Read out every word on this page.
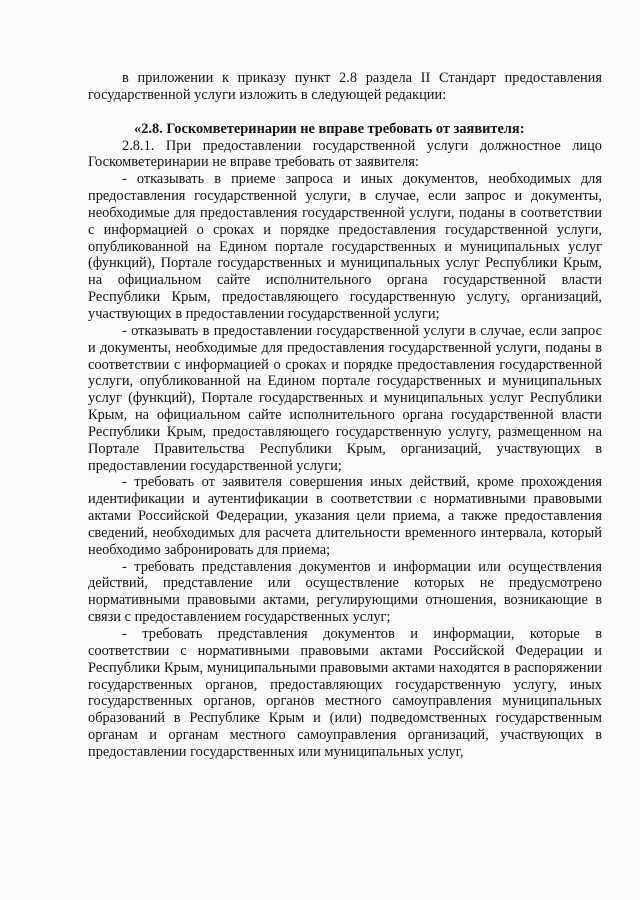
в приложении к приказу пункт 2.8 раздела II Стандарт предоставления государственной услуги изложить в следующей редакции:

«2.8. Госкомветеринарии не вправе требовать от заявителя:

2.8.1. При предоставлении государственной услуги должностное лицо Госкомветеринарии не вправе требовать от заявителя:

- отказывать в приеме запроса и иных документов, необходимых для предоставления государственной услуги, в случае, если запрос и документы, необходимые для предоставления государственной услуги, поданы в соответствии с информацией о сроках и порядке предоставления государственной услуги, опубликованной на Едином портале государственных и муниципальных услуг (функций), Портале государственных и муниципальных услуг Республики Крым, на официальном сайте исполнительного органа государственной власти Республики Крым, предоставляющего государственную услугу, организаций, участвующих в предоставлении государственной услуги;

- отказывать в предоставлении государственной услуги в случае, если запрос и документы, необходимые для предоставления государственной услуги, поданы в соответствии с информацией о сроках и порядке предоставления государственной услуги, опубликованной на Едином портале государственных и муниципальных услуг (функций), Портале государственных и муниципальных услуг Республики Крым, на официальном сайте исполнительного органа государственной власти Республики Крым, предоставляющего государственную услугу, размещенном на Портале Правительства Республики Крым, организаций, участвующих в предоставлении государственной услуги;

- требовать от заявителя совершения иных действий, кроме прохождения идентификации и аутентификации в соответствии с нормативными правовыми актами Российской Федерации, указания цели приема, а также предоставления сведений, необходимых для расчета длительности временного интервала, который необходимо забронировать для приема;

- требовать представления документов и информации или осуществления действий, представление или осуществление которых не предусмотрено нормативными правовыми актами, регулирующими отношения, возникающие в связи с предоставлением государственных услуг;

- требовать представления документов и информации, которые в соответствии с нормативными правовыми актами Российской Федерации и Республики Крым, муниципальными правовыми актами находятся в распоряжении государственных органов, предоставляющих государственную услугу, иных государственных органов, органов местного самоуправления муниципальных образований в Республике Крым и (или) подведомственных государственным органам и органам местного самоуправления организаций, участвующих в предоставлении государственных или муниципальных услуг,
